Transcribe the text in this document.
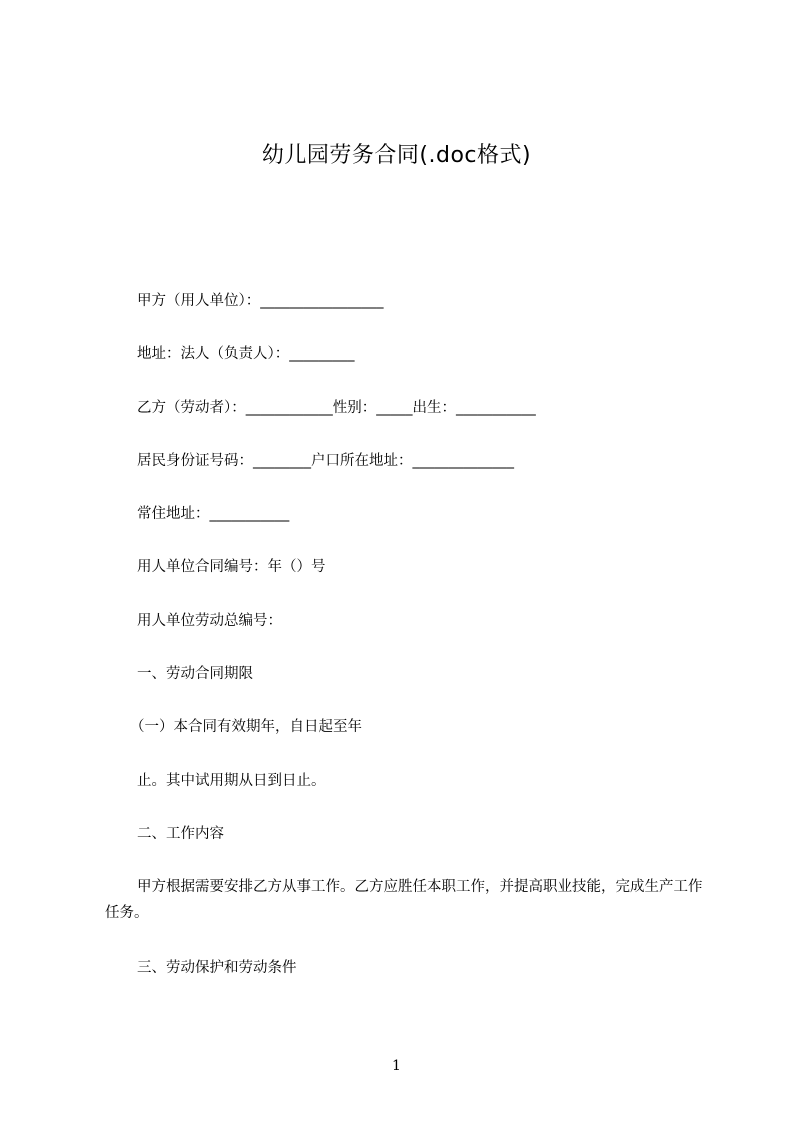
幼儿园劳务合同(.doc格式)
甲方（用人单位）：_________________
地址：法人（负责人）：_________
乙方（劳动者）：____________性别：_____出生：___________
居民身份证号码：________户口所在地址：______________
常住地址：___________
用人单位合同编号：年（）号
用人单位劳动总编号：
一、劳动合同期限
（一）本合同有效期年，自日起至年
止。其中试用期从日到日止。
二、工作内容
甲方根据需要安排乙方从事工作。乙方应胜任本职工作，并提高职业技能，完成生产工作任务。
三、劳动保护和劳动条件
1
